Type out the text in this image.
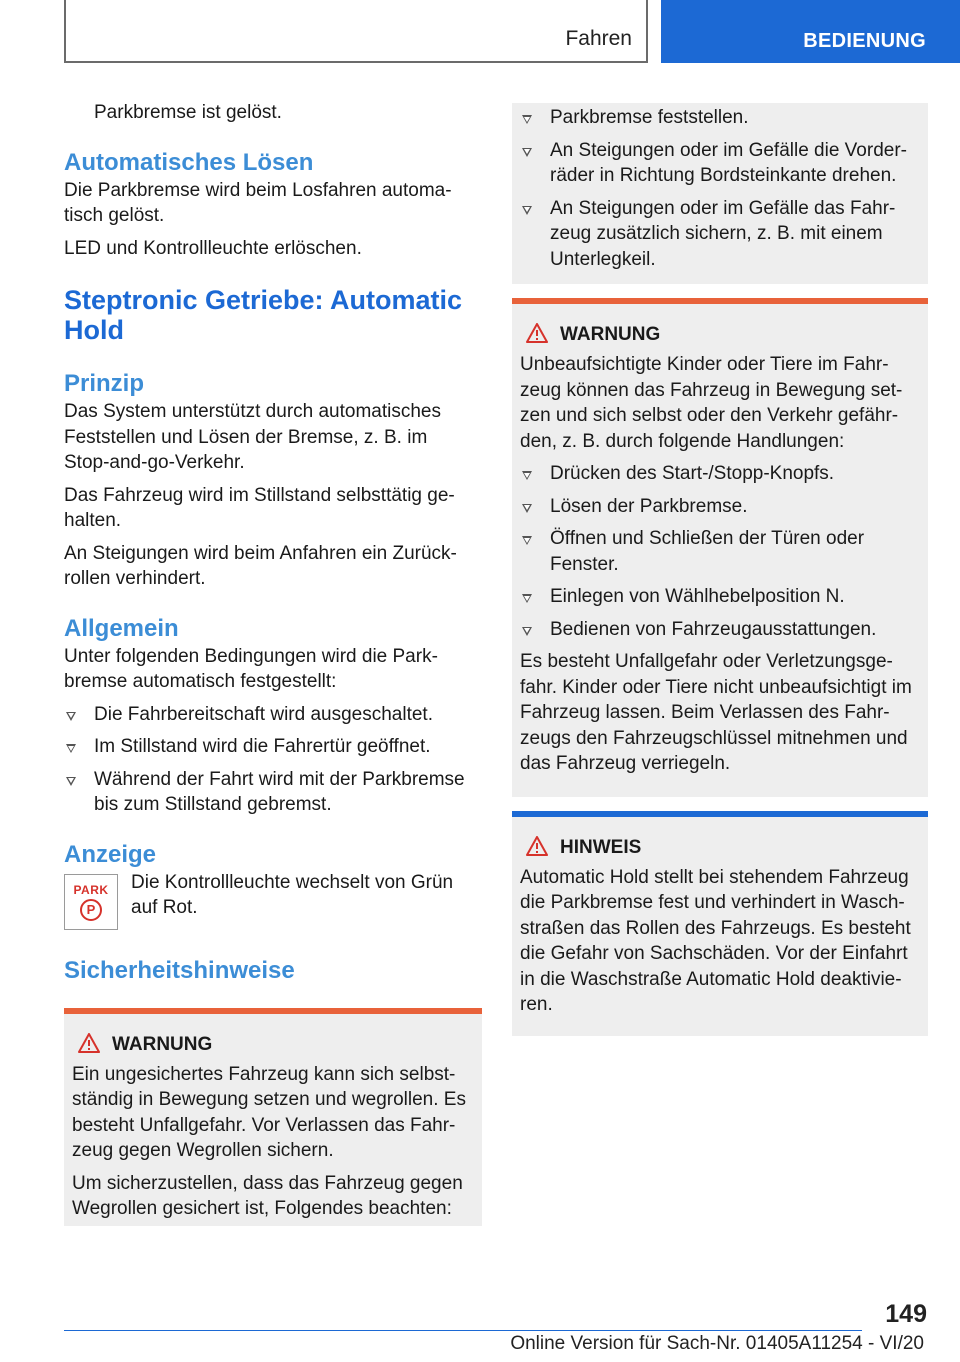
Fahren	BEDIENUNG

Parkbremse ist gelöst.

Automatisches Lösen

Die Parkbremse wird beim Losfahren automa-
tisch gelöst.

LED und Kontrollleuchte erlöschen.

Steptronic Getriebe: Automatic
Hold
Prinzip

Das System unterstützt durch automatisches
Feststellen und Lösen der Bremse, z. B. im
Stop-and-go-Verkehr.

Das Fahrzeug wird im Stillstand selbsttätig ge-
halten.

An Steigungen wird beim Anfahren ein Zurück-
rollen verhindert.

Allgemein

Unter folgenden Bedingungen wird die Park-
bremse automatisch festgestellt:

Die Fahrbereitschaft wird ausgeschaltet.

Im Stillstand wird die Fahrertür geöffnet.

Während der Fahrt wird mit der Parkbremse
bis zum Stillstand gebremst.

Anzeige
PARK
P

Die Kontrollleuchte wechselt von Grün
auf Rot.

Sicherheitshinweise
WARNUNG

Ein ungesichertes Fahrzeug kann sich selbst-
ständig in Bewegung setzen und wegrollen. Es
besteht Unfallgefahr. Vor Verlassen das Fahr-
zeug gegen Wegrollen sichern.

Um sicherzustellen, dass das Fahrzeug gegen
Wegrollen gesichert ist, Folgendes beachten:

Parkbremse feststellen.

An Steigungen oder im Gefälle die Vorder-
räder in Richtung Bordsteinkante drehen.

An Steigungen oder im Gefälle das Fahr-
zeug zusätzlich sichern, z. B. mit einem
Unterlegkeil.

WARNUNG

Unbeaufsichtigte Kinder oder Tiere im Fahr-
zeug können das Fahrzeug in Bewegung set-
zen und sich selbst oder den Verkehr gefähr-
den, z. B. durch folgende Handlungen:

Drücken des Start-/Stopp-Knopfs.

Lösen der Parkbremse.

Öffnen und Schließen der Türen oder
Fenster.

Einlegen von Wählhebelposition N.

Bedienen von Fahrzeugausstattungen.

Es besteht Unfallgefahr oder Verletzungsge-
fahr. Kinder oder Tiere nicht unbeaufsichtigt im
Fahrzeug lassen. Beim Verlassen des Fahr-
zeugs den Fahrzeugschlüssel mitnehmen und
das Fahrzeug verriegeln.

HINWEIS

Automatic Hold stellt bei stehendem Fahrzeug
die Parkbremse fest und verhindert in Wasch-
straßen das Rollen des Fahrzeugs. Es besteht
die Gefahr von Sachschäden. Vor der Einfahrt
in die Waschstraße Automatic Hold deaktivie-
ren.

149
Online Version für Sach-Nr. 01405A11254 - VI/20
